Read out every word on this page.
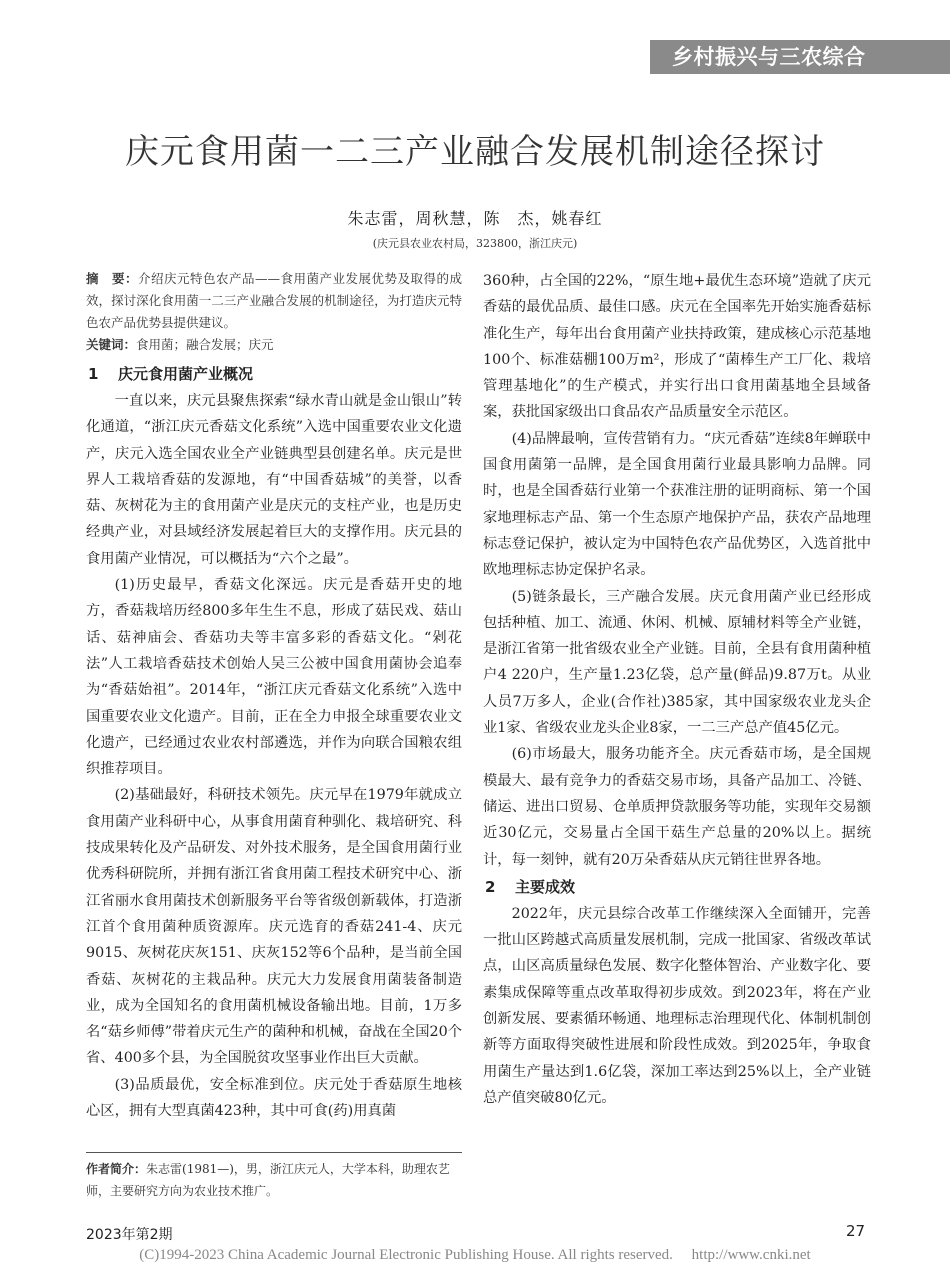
乡村振兴与三农综合
庆元食用菌一二三产业融合发展机制途径探讨
朱志雷，周秋慧，陈　杰，姚春红
(庆元县农业农村局，323800，浙江庆元)

摘　要：介绍庆元特色农产品——食用菌产业发展优势及取得的成效，探讨深化食用菌一二三产业融合发展的机制途径，为打造庆元特色农产品优势县提供建议。

关键词：食用菌；融合发展；庆元

1 庆元食用菌产业概况

一直以来，庆元县聚焦探索“绿水青山就是金山银山”转化通道，“浙江庆元香菇文化系统”入选中国重要农业文化遗产，庆元入选全国农业全产业链典型县创建名单。庆元是世界人工栽培香菇的发源地，有“中国香菇城”的美誉，以香菇、灰树花为主的食用菌产业是庆元的支柱产业，也是历史经典产业，对县域经济发展起着巨大的支撑作用。庆元县的食用菌产业情况，可以概括为“六个之最”。

(1)历史最早，香菇文化深远。庆元是香菇开史的地方，香菇栽培历经800多年生生不息，形成了菇民戏、菇山话、菇神庙会、香菇功夫等丰富多彩的香菇文化。“剁花法”人工栽培香菇技术创始人吴三公被中国食用菌协会追奉为“香菇始祖”。2014年，“浙江庆元香菇文化系统”入选中国重要农业文化遗产。目前，正在全力申报全球重要农业文化遗产，已经通过农业农村部遴选，并作为向联合国粮农组织推荐项目。

(2)基础最好，科研技术领先。庆元早在1979年就成立食用菌产业科研中心，从事食用菌育种驯化、栽培研究、科技成果转化及产品研发、对外技术服务，是全国食用菌行业优秀科研院所，并拥有浙江省食用菌工程技术研究中心、浙江省丽水食用菌技术创新服务平台等省级创新载体，打造浙江首个食用菌种质资源库。庆元选育的香菇241-4、庆元9015、灰树花庆灰151、庆灰152等6个品种，是当前全国香菇、灰树花的主栽品种。庆元大力发展食用菌装备制造业，成为全国知名的食用菌机械设备输出地。目前，1万多名“菇乡师傅”带着庆元生产的菌种和机械，奋战在全国20个省、400多个县，为全国脱贫攻坚事业作出巨大贡献。

(3)品质最优，安全标准到位。庆元处于香菇原生地核心区，拥有大型真菌423种，其中可食(药)用真菌

360种，占全国的22%，“原生地+最优生态环境”造就了庆元香菇的最优品质、最佳口感。庆元在全国率先开始实施香菇标准化生产，每年出台食用菌产业扶持政策，建成核心示范基地100个、标准菇棚100万m²，形成了“菌棒生产工厂化、栽培管理基地化”的生产模式，并实行出口食用菌基地全县域备案，获批国家级出口食品农产品质量安全示范区。

(4)品牌最响，宣传营销有力。“庆元香菇”连续8年蝉联中国食用菌第一品牌，是全国食用菌行业最具影响力品牌。同时，也是全国香菇行业第一个获准注册的证明商标、第一个国家地理标志产品、第一个生态原产地保护产品，获农产品地理标志登记保护，被认定为中国特色农产品优势区，入选首批中欧地理标志协定保护名录。

(5)链条最长，三产融合发展。庆元食用菌产业已经形成包括种植、加工、流通、休闲、机械、原辅材料等全产业链，是浙江省第一批省级农业全产业链。目前，全县有食用菌种植户4 220户，生产量1.23亿袋，总产量(鲜品)9.87万t。从业人员7万多人，企业(合作社)385家，其中国家级农业龙头企业1家、省级农业龙头企业8家，一二三产总产值45亿元。

(6)市场最大，服务功能齐全。庆元香菇市场，是全国规模最大、最有竞争力的香菇交易市场，具备产品加工、冷链、储运、进出口贸易、仓单质押贷款服务等功能，实现年交易额近30亿元，交易量占全国干菇生产总量的20%以上。据统计，每一刻钟，就有20万朵香菇从庆元销往世界各地。

2 主要成效

2022年，庆元县综合改革工作继续深入全面铺开，完善一批山区跨越式高质量发展机制，完成一批国家、省级改革试点，山区高质量绿色发展、数字化整体智治、产业数字化、要素集成保障等重点改革取得初步成效。到2023年，将在产业创新发展、要素循环畅通、地理标志治理现代化、体制机制创新等方面取得突破性进展和阶段性成效。到2025年，争取食用菌生产量达到1.6亿袋，深加工率达到25%以上，全产业链总产值突破80亿元。

作者简介：朱志雷(1981—)，男，浙江庆元人，大学本科，助理农艺师，主要研究方向为农业技术推广。

2023年第2期	27
(C)1994-2023 China Academic Journal Electronic Publishing House. All rights reserved.　 http://www.cnki.net
